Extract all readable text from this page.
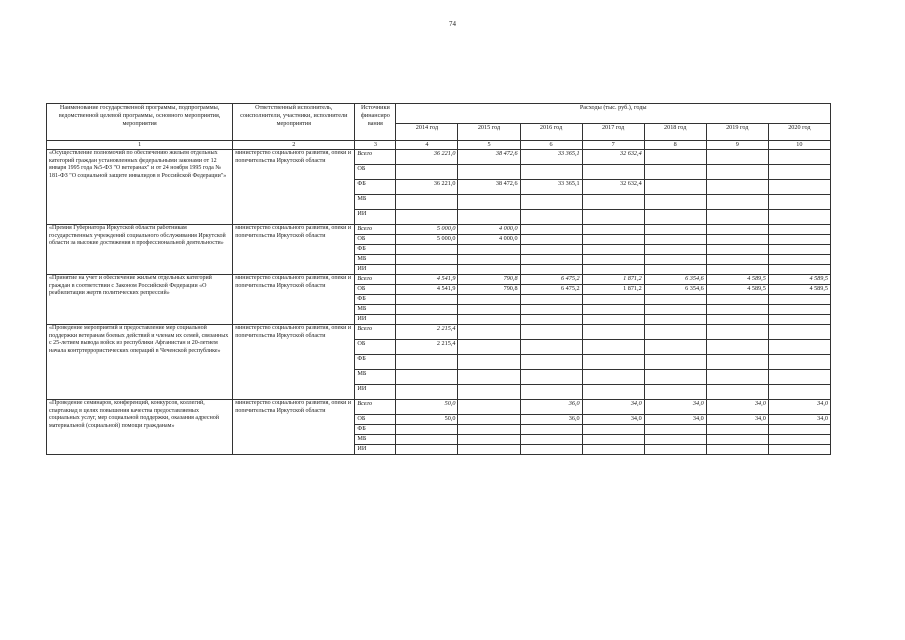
74
Наименование государственной программы, подпрограммы, ведомственной целевой программы, основного мероприятия, мероприятия	Ответственный исполнитель, соисполнители, участники, исполнители мероприятия	Источники финансиро вания	Расходы (тыс. руб.), годы						
			2014 год	2015 год	2016 год	2017 год	2018 год	2019 год	2020 год
1	2	3	4	5	6	7	8	9	10
«Осуществление полномочий по обеспечению жильем отдельных категорий граждан установленных федеральными законами от 12 января 1995 года №5-ФЗ "О ветеранах" и от 24 ноября 1995 года № 181-ФЗ "О социальной защите инвалидов в Российской Федерации"»	министерство социального развития, опеки и попечительства Иркутской области	Всего	36 221,0	38 472,6	33 365,1	32 632,4			
		ОБ							
		ФБ	36 221,0	38 472,6	33 365,1	32 632,4			
		МБ							
		ИИ							
«Премия Губернатора Иркутской области работникам государственных учреждений социального обслуживания Иркутской области за высокие достижения в профессиональной деятельности»	министерство социального развития, опеки и попечительства Иркутской области	Всего	5 000,0	4 000,0					
		ОБ	5 000,0	4 000,0					
		ФБ							
		МБ							
		ИИ							
«Принятие на учет и обеспечение жильем отдельных категорий граждан в соответствии с Законом Российской Федерации «О реабилитации жертв политических репрессий»	министерство социального развития, опеки и попечительства Иркутской области	Всего	4 541,9	790,8	6 475,2	1 871,2	6 354,6	4 589,5	4 589,5
		ОБ	4 541,9	790,8	6 475,2	1 871,2	6 354,6	4 589,5	4 589,5
		ФБ							
		МБ							
		ИИ							
«Проведение мероприятий и предоставление мер социальной поддержки ветеранам боевых действий и членам их семей, связанных с 25-летием вывода войск из республики Афганистан и 20-летием начала контртеррористических операций в Чеченской республике»	министерство социального развития, опеки и попечительства Иркутской области	Всего	2 215,4						
		ОБ	2 215,4						
		ФБ							
		МБ							
		ИИ							
«Проведение семинаров, конференций, конкурсов, коллегий, спартакиад в целях повышения качества предоставляемых социальных услуг, мер социальной поддержки, оказания адресной материальной (социальной) помощи гражданам»	министерство социального развития, опеки и попечительства Иркутской области	Всего	50,0		36,0	34,0	34,0	34,0	34,0
		ОБ	50,0		36,0	34,0	34,0	34,0	34,0
		ФБ							
		МБ							
		ИИ							
